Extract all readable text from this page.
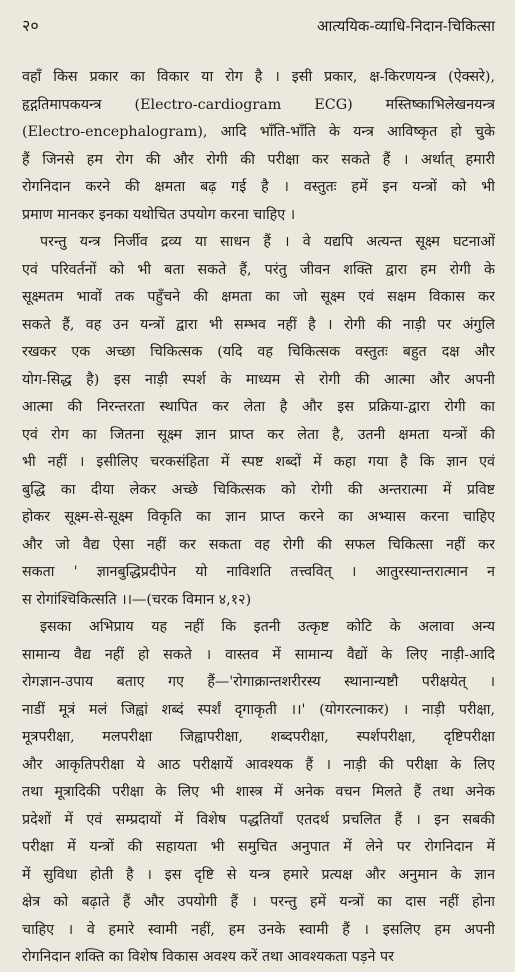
२०	आत्ययिक-व्याधि-निदान-चिकित्सा
वहाँ किस प्रकार का विकार या रोग है । इसी प्रकार, क्ष-किरणयन्त्र (ऐक्सरे),
हृद्गतिमापकयन्त्र (Electro-cardiogram ECG) मस्तिष्काभिलेखनयन्त्र
(Electro-encephalogram), आदि भाँति-भाँति के यन्त्र आविष्कृत हो चुके
हैं जिनसे हम रोग की और रोगी की परीक्षा कर सकते हैं । अर्थात् हमारी
रोगनिदान करने की क्षमता बढ़ गई है । वस्तुतः हमें इन यन्त्रों को भी
प्रमाण मानकर इनका यथोचित उपयोग करना चाहिए ।
परन्तु यन्त्र निर्जीव द्रव्य या साधन हैं । वे यद्यपि अत्यन्त सूक्ष्म घटनाओं
एवं परिवर्तनों को भी बता सकते हैं, परंतु जीवन शक्ति द्वारा हम रोगी के
सूक्ष्मतम भावों तक पहुँचने की क्षमता का जो सूक्ष्म एवं सक्षम विकास कर
सकते हैं, वह उन यन्त्रों द्वारा भी सम्भव नहीं है । रोगी की नाड़ी पर अंगुलि
रखकर एक अच्छा चिकित्सक (यदि वह चिकित्सक वस्तुतः बहुत दक्ष और
योग-सिद्ध है) इस नाड़ी स्पर्श के माध्यम से रोगी की आत्मा और अपनी
आत्मा की निरन्तरता स्थापित कर लेता है और इस प्रक्रिया-द्वारा रोगी का
एवं रोग का जितना सूक्ष्म ज्ञान प्राप्त कर लेता है, उतनी क्षमता यन्त्रों की
भी नहीं । इसीलिए चरकसंहिता में स्पष्ट शब्दों में कहा गया है कि ज्ञान एवं
बुद्धि का दीया लेकर अच्छे चिकित्सक को रोगी की अन्तरात्मा में प्रविष्ट
होकर सूक्ष्म-से-सूक्ष्म विकृति का ज्ञान प्राप्त करने का अभ्यास करना चाहिए
और जो वैद्य ऐसा नहीं कर सकता वह रोगी की सफल चिकित्सा नहीं कर
सकता ' ज्ञानबुद्धिप्रदीपेन यो नाविशति तत्त्ववित् । आतुरस्यान्तरात्मान न
स रोगांश्चिकित्सति ।।—(चरक विमान ४,१२)
इसका अभिप्राय यह नहीं कि इतनी उत्कृष्ट कोटि के अलावा अन्य
सामान्य वैद्य नहीं हो सकते । वास्तव में सामान्य वैद्यों के लिए नाड़ी-आदि
रोगज्ञान-उपाय बताए गए हैं—'रोगाक्रान्तशरीरस्य स्थानान्यष्टौ परीक्षयेत् ।
नाडीं मूत्रं मलं जिह्वां शब्दं स्पर्शं दृगाकृती ।।' (योगरत्नाकर) । नाड़ी परीक्षा,
मूत्रपरीक्षा, मलपरीक्षा जिह्वापरीक्षा, शब्दपरीक्षा, स्पर्शपरीक्षा, दृष्टिपरीक्षा
और आकृतिपरीक्षा ये आठ परीक्षायें आवश्यक हैं । नाड़ी की परीक्षा के लिए
तथा मूत्रादिकी परीक्षा के लिए भी शास्त्र में अनेक वचन मिलते हैं तथा अनेक
प्रदेशों में एवं सम्प्रदायों में विशेष पद्धतियाँ एतदर्थ प्रचलित हैं । इन सबकी
परीक्षा में यन्त्रों की सहायता भी समुचित अनुपात में लेने पर रोगनिदान में
में सुविधा होती है । इस दृष्टि से यन्त्र हमारे प्रत्यक्ष और अनुमान के ज्ञान
क्षेत्र को बढ़ाते हैं और उपयोगी हैं । परन्तु हमें यन्त्रों का दास नहीं होना
चाहिए । वे हमारे स्वामी नहीं, हम उनके स्वामी हैं । इसलिए हम अपनी
रोगनिदान शक्ति का विशेष विकास अवश्य करें तथा आवश्यकता पड़ने पर
